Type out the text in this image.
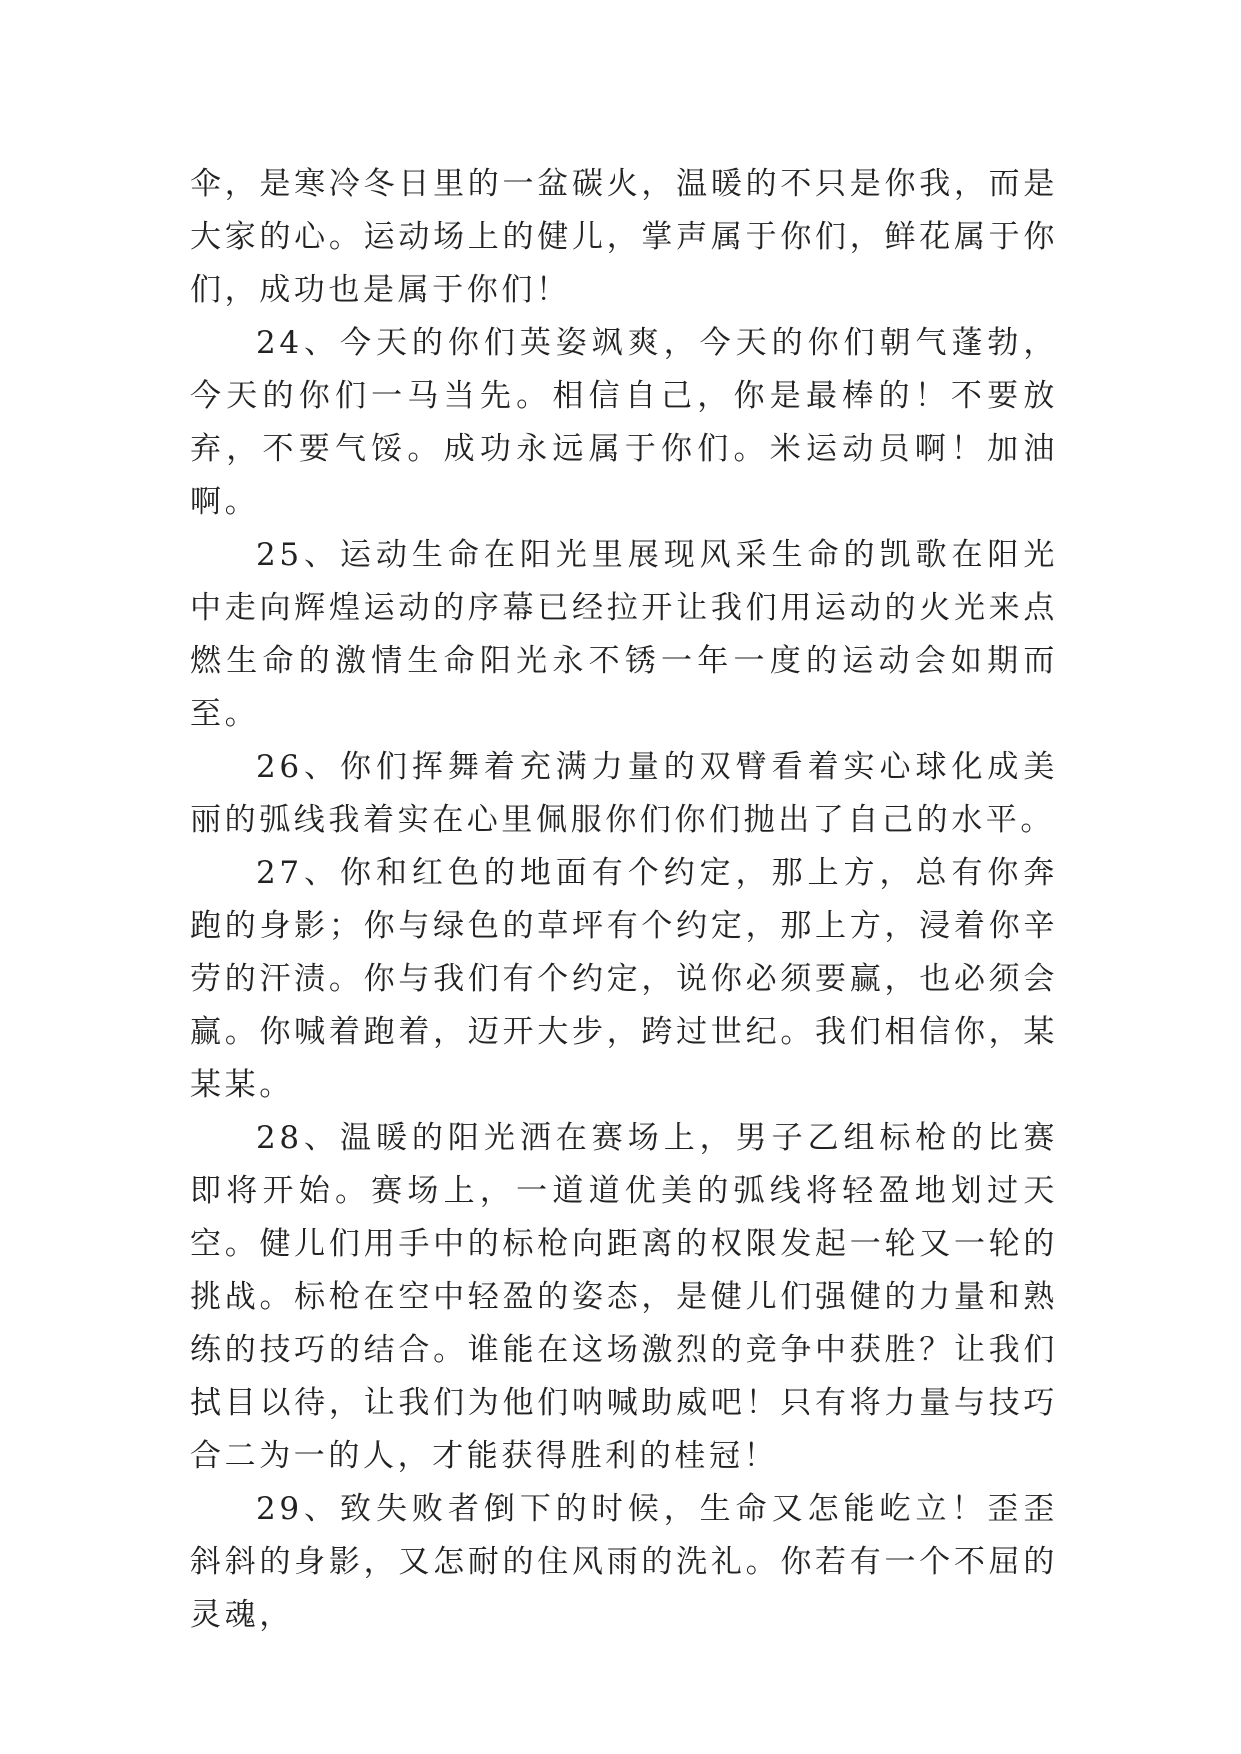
伞，是寒冷冬日里的一盆碳火，温暖的不只是你我，而是大家的心。运动场上的健儿，掌声属于你们，鲜花属于你们，成功也是属于你们！

24、今天的你们英姿飒爽，今天的你们朝气蓬勃，今天的你们一马当先。相信自己，你是最棒的！不要放弃，不要气馁。成功永远属于你们。米运动员啊！加油啊。

25、运动生命在阳光里展现风采生命的凯歌在阳光中走向辉煌运动的序幕已经拉开让我们用运动的火光来点燃生命的激情生命阳光永不锈一年一度的运动会如期而至。

26、你们挥舞着充满力量的双臂看着实心球化成美丽的弧线我着实在心里佩服你们你们抛出了自己的水平。

27、你和红色的地面有个约定，那上方，总有你奔跑的身影；你与绿色的草坪有个约定，那上方，浸着你辛劳的汗渍。你与我们有个约定，说你必须要赢，也必须会赢。你喊着跑着，迈开大步，跨过世纪。我们相信你，某某某。

28、温暖的阳光洒在赛场上，男子乙组标枪的比赛即将开始。赛场上，一道道优美的弧线将轻盈地划过天空。健儿们用手中的标枪向距离的权限发起一轮又一轮的挑战。标枪在空中轻盈的姿态，是健儿们强健的力量和熟练的技巧的结合。谁能在这场激烈的竞争中获胜？让我们拭目以待，让我们为他们呐喊助威吧！只有将力量与技巧合二为一的人，才能获得胜利的桂冠！

29、致失败者倒下的时候，生命又怎能屹立！歪歪斜斜的身影，又怎耐的住风雨的洗礼。你若有一个不屈的灵魂，
